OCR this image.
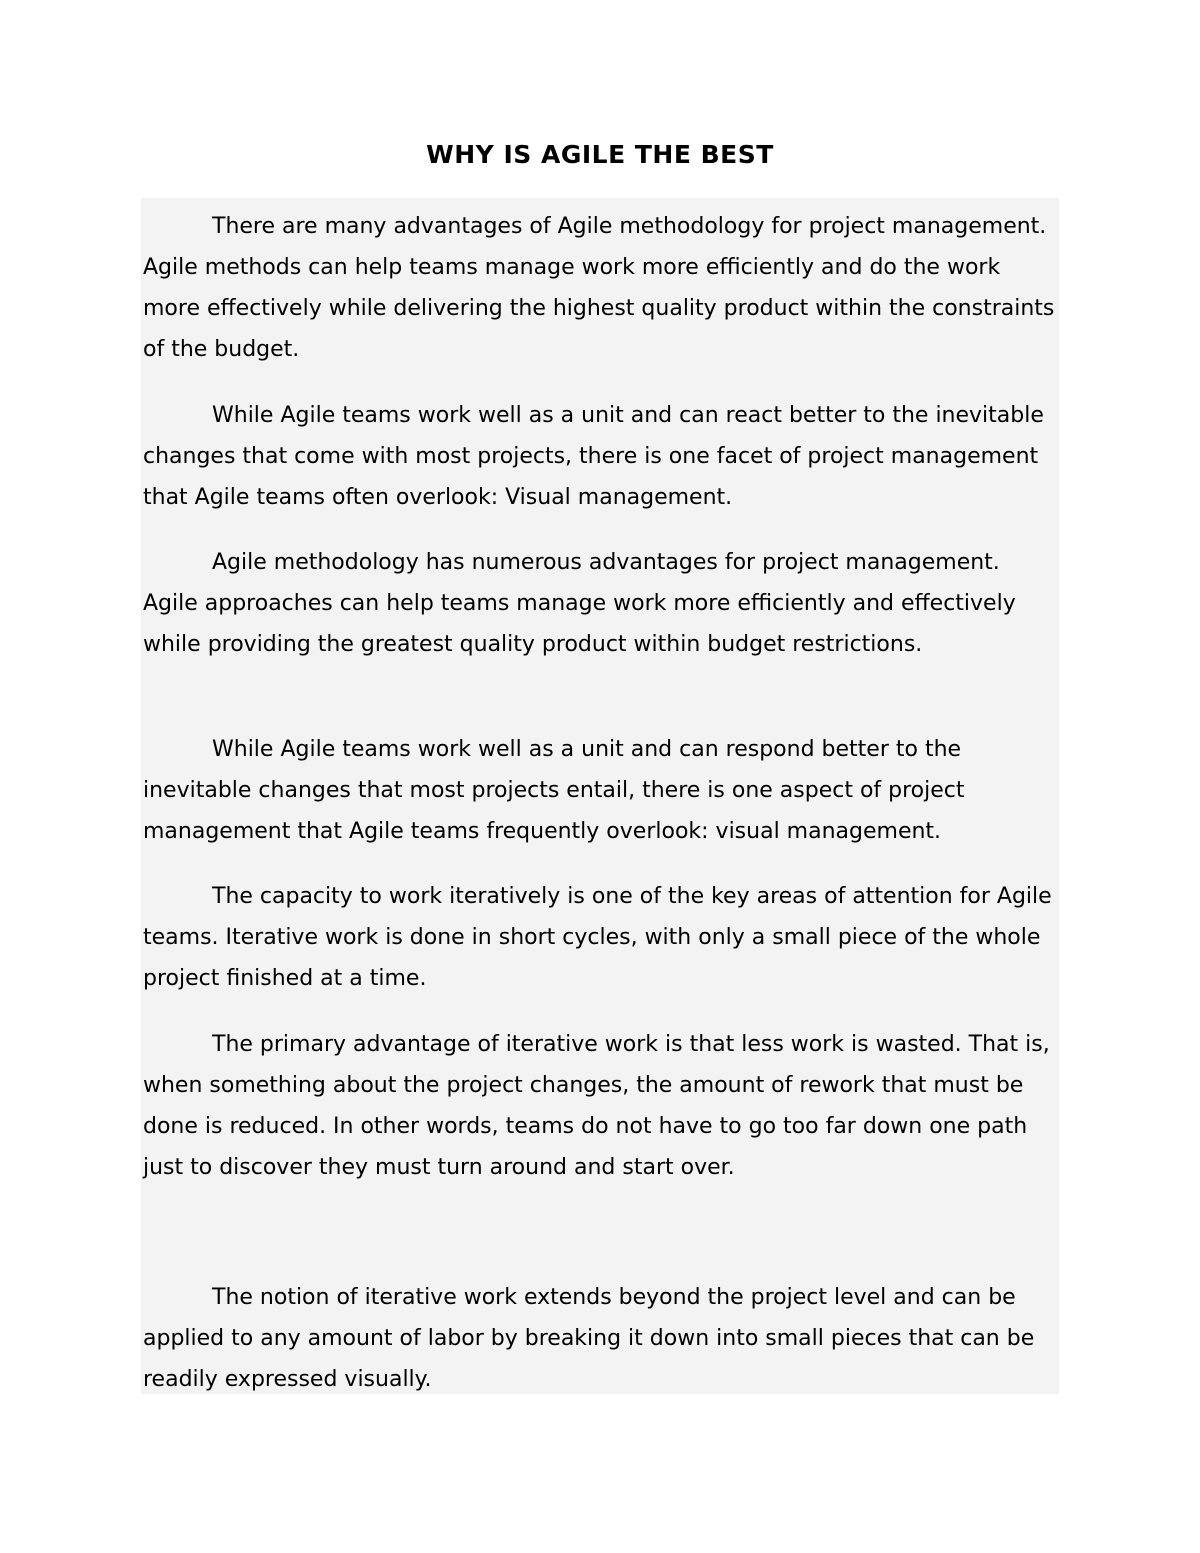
WHY IS AGILE THE BEST

There are many advantages of Agile methodology for project management. Agile methods can help teams manage work more efficiently and do the work more effectively while delivering the highest quality product within the constraints of the budget.

While Agile teams work well as a unit and can react better to the inevitable changes that come with most projects, there is one facet of project management that Agile teams often overlook: Visual management.

Agile methodology has numerous advantages for project management. Agile approaches can help teams manage work more efficiently and effectively while providing the greatest quality product within budget restrictions.

While Agile teams work well as a unit and can respond better to the inevitable changes that most projects entail, there is one aspect of project management that Agile teams frequently overlook: visual management.

The capacity to work iteratively is one of the key areas of attention for Agile teams. Iterative work is done in short cycles, with only a small piece of the whole project finished at a time.

The primary advantage of iterative work is that less work is wasted. That is, when something about the project changes, the amount of rework that must be done is reduced. In other words, teams do not have to go too far down one path just to discover they must turn around and start over.

The notion of iterative work extends beyond the project level and can be applied to any amount of labor by breaking it down into small pieces that can be readily expressed visually.
